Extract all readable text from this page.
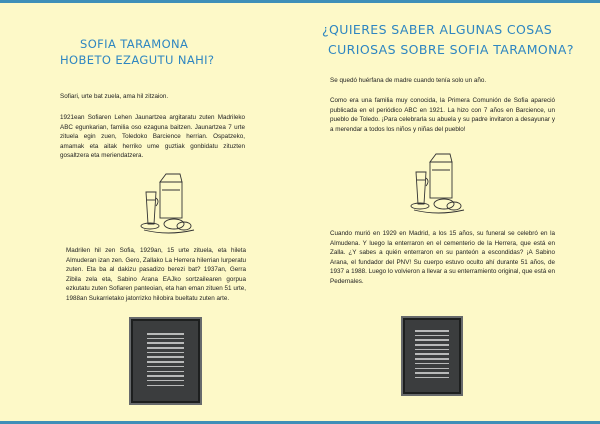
SOFIA TARAMONA
HOBETO EZAGUTU NAHI?

Sofiari, urte bat zuela, ama hil zitzaion.

1921ean Sofiaren Lehen Jaunartzea argitaratu zuten Madrileko ABC egunkarian, familia oso ezaguna baitzen. Jaunartzea 7 urte zituela egin zuen, Toledoko Barcience herrian. Ospatzeko, amamak eta aitak herriko ume guztiak gonbidatu zituzten gosaltzera eta meriendatzera.

Madrilen hil zen Sofia, 1929an, 15 urte zituela, eta hileta Almuderan izan zen. Gero, Zallako La Herrera hilerrian lurperatu zuten. Eta ba al dakizu pasadizo berezi bat? 1937an, Gerra Zibila zela eta, Sabino Arana EAJko sortzailearen gorpua ezkutatu zuten Sofiaren panteoian, eta han eman zituen 51 urte, 1988an Sukarrietako jatorrizko hilobira bueltatu zuten arte.

¿QUIERES SABER ALGUNAS COSAS
CURIOSAS SOBRE SOFIA TARAMONA?

Se quedó huérfana de madre cuando tenía solo un año.

Como era una familia muy conocida, la Primera Comunión de Sofia apareció publicada en el periódico ABC en 1921. La hizo con 7 años en Barcience, un pueblo de Toledo. ¡Para celebrarla su abuela y su padre invitaron a desayunar y a merendar a todos los niños y niñas del pueblo!

Cuando murió en 1929 en Madrid, a los 15 años, su funeral se celebró en la Almudena. Y luego la enterraron en el cementerio de la Herrera, que está en Zalla. ¿Y sabes a quién enterraron en su panteón a escondidas? ¡A Sabino Arana, el fundador del PNV! Su cuerpo estuvo oculto ahí durante 51 años, de 1937 a 1988. Luego lo volvieron a llevar a su enterramiento original, que está en Pedernales.
